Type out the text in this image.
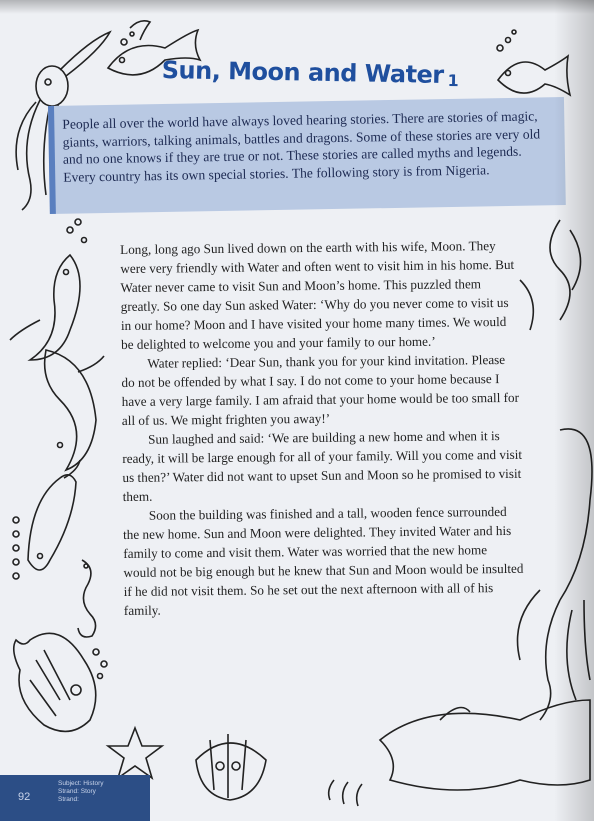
Sun, Moon and Water 1

People all over the world have always loved hearing stories. There are stories of magic, giants, warriors, talking animals, battles and dragons. Some of these stories are very old and no one knows if they are true or not. These stories are called myths and legends. Every country has its own special stories. The following story is from Nigeria.

Long, long ago Sun lived down on the earth with his wife, Moon. They were very friendly with Water and often went to visit him in his home. But Water never came to visit Sun and Moon’s home. This puzzled them greatly. So one day Sun asked Water: ‘Why do you never come to visit us in our home? Moon and I have visited your home many times. We would be delighted to welcome you and your family to our home.’

Water replied: ‘Dear Sun, thank you for your kind invitation. Please do not be offended by what I say. I do not come to your home because I have a very large family. I am afraid that your home would be too small for all of us. We might frighten you away!’

Sun laughed and said: ‘We are building a new home and when it is ready, it will be large enough for all of your family. Will you come and visit us then?’ Water did not want to upset Sun and Moon so he promised to visit them.

Soon the building was finished and a tall, wooden fence surrounded the new home. Sun and Moon were delighted. They invited Water and his family to come and visit them. Water was worried that the new home would not be big enough but he knew that Sun and Moon would be insulted if he did not visit them. So he set out the next afternoon with all of his family.

92
Subject: History
Strand: Story
Strand:
